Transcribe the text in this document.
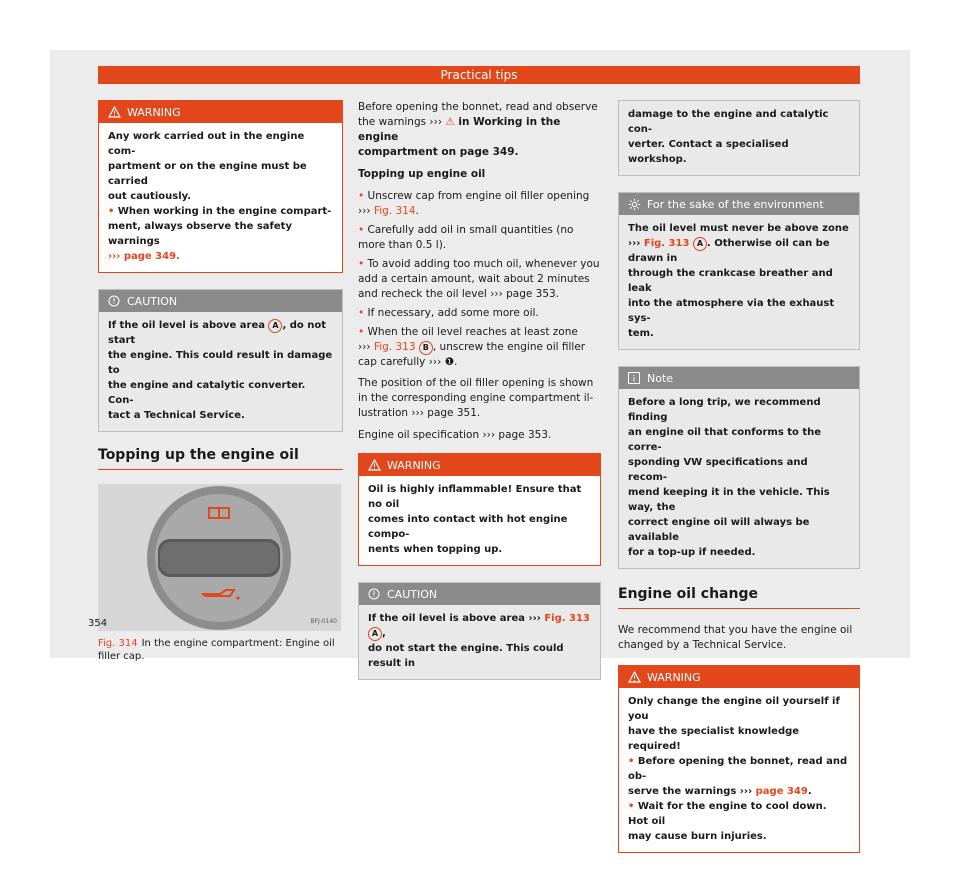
Practical tips
WARNING
Any work carried out in the engine com-
partment or on the engine must be carried
out cautiously.
• When working in the engine compart-
ment, always observe the safety warnings
››› page 349.
CAUTION
If the oil level is above area A , do not start
the engine. This could result in damage to
the engine and catalytic converter. Con-
tact a Technical Service.
Topping up the engine oil
BFJ-0140
Fig. 314 In the engine compartment: Engine oil
filler cap.

Before opening the bonnet, read and observe
the warnings ››› ⚠ in Working in the engine
compartment on page 349.

Topping up engine oil

• Unscrew cap from engine oil filler opening
››› Fig. 314.
• Carefully add oil in small quantities (no
more than 0.5 l).
• To avoid adding too much oil, whenever you
add a certain amount, wait about 2 minutes
and recheck the oil level ››› page 353.
• If necessary, add some more oil.
• When the oil level reaches at least zone
››› Fig. 313 B , unscrew the engine oil filler
cap carefully ››› ❶.

The position of the oil filler opening is shown
in the corresponding engine compartment il-
lustration ››› page 351.

Engine oil specification ››› page 353.

WARNING
Oil is highly inflammable! Ensure that no oil
comes into contact with hot engine compo-
nents when topping up.
CAUTION
If the oil level is above area ››› Fig. 313 A ,
do not start the engine. This could result in
damage to the engine and catalytic con-
verter. Contact a specialised workshop.
For the sake of the environment
The oil level must never be above zone
››› Fig. 313 A . Otherwise oil can be drawn in
through the crankcase breather and leak
into the atmosphere via the exhaust sys-
tem.
Note
Before a long trip, we recommend finding
an engine oil that conforms to the corre-
sponding VW specifications and recom-
mend keeping it in the vehicle. This way, the
correct engine oil will always be available
for a top-up if needed.
Engine oil change

We recommend that you have the engine oil
changed by a Technical Service.

WARNING
Only change the engine oil yourself if you
have the specialist knowledge required!
• Before opening the bonnet, read and ob-
serve the warnings ››› page 349.
• Wait for the engine to cool down. Hot oil
may cause burn injuries.
354
